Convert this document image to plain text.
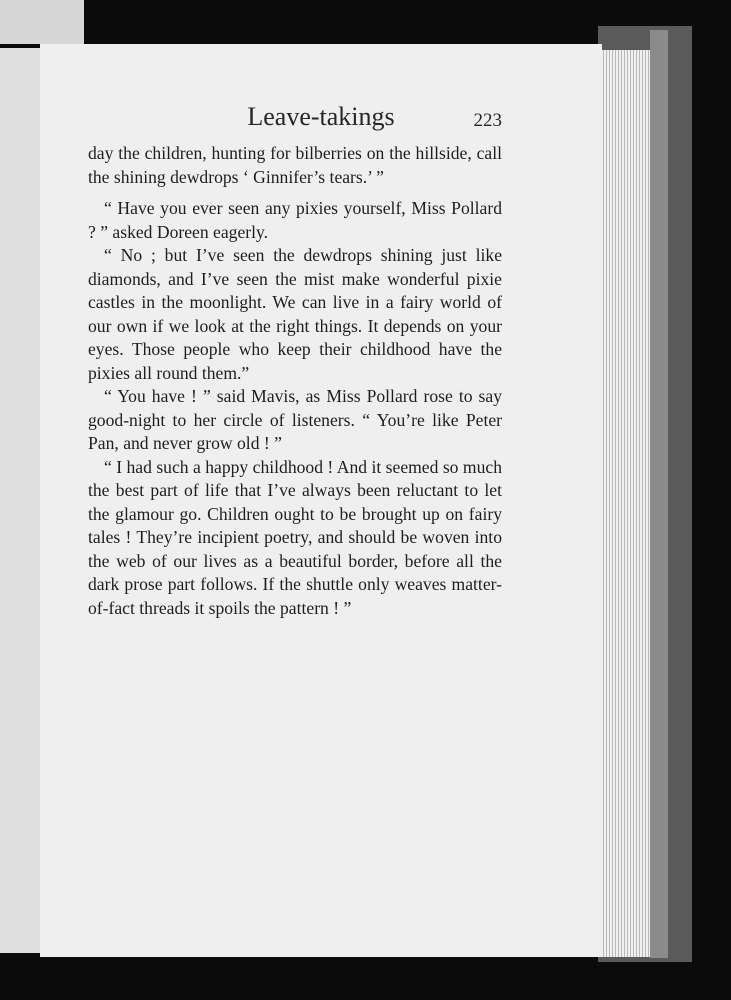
Leave-takings	223

day the children, hunting for bilberries on the hillside, call the shining dewdrops ‘ Ginnifer’s tears.’ ”

“ Have you ever seen any pixies yourself, Miss Pollard ? ” asked Doreen eagerly.

“ No ; but I’ve seen the dewdrops shining just like diamonds, and I’ve seen the mist make wonderful pixie castles in the moonlight. We can live in a fairy world of our own if we look at the right things. It depends on your eyes. Those people who keep their childhood have the pixies all round them.”

“ You have ! ” said Mavis, as Miss Pollard rose to say good-night to her circle of listeners. “ You’re like Peter Pan, and never grow old ! ”

“ I had such a happy childhood ! And it seemed so much the best part of life that I’ve always been reluctant to let the glamour go. Children ought to be brought up on fairy tales ! They’re incipient poetry, and should be woven into the web of our lives as a beautiful border, before all the dark prose part follows. If the shuttle only weaves matter-of-fact threads it spoils the pattern ! ”
